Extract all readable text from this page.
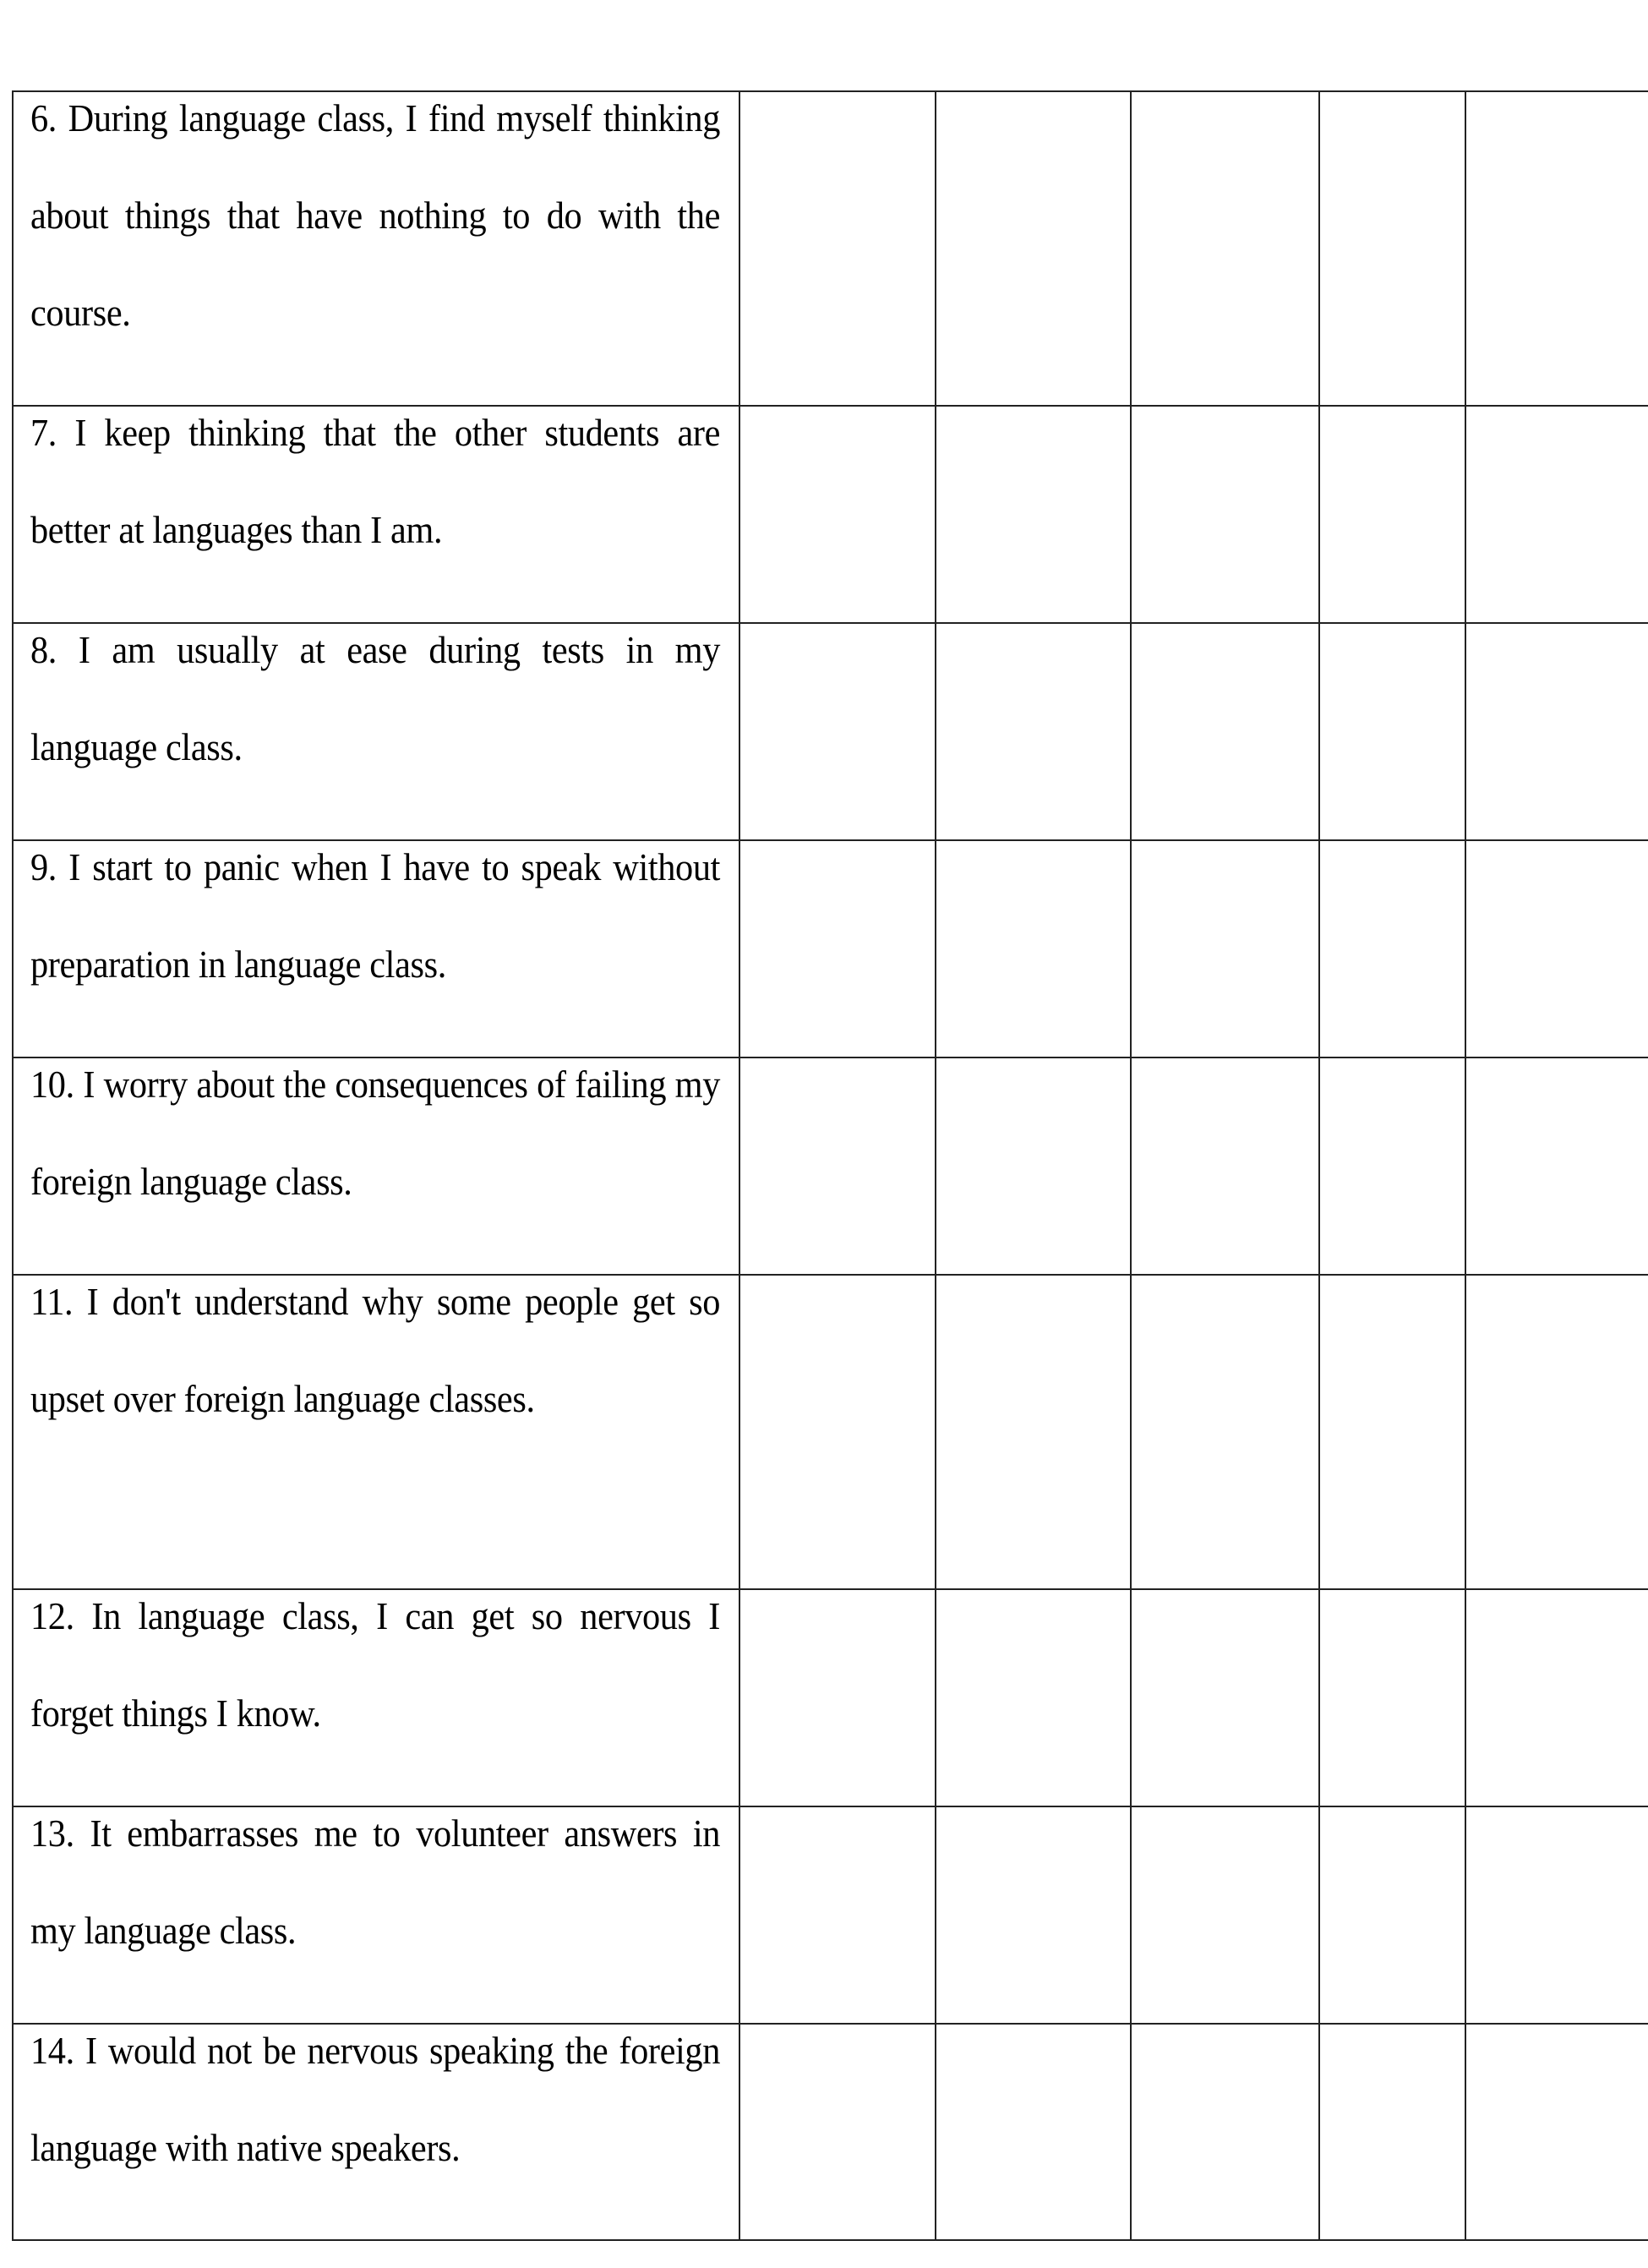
6. During language class, I find myself thinking about things that have nothing to do with the course.					

7. I keep thinking that the other students are better at languages than I am.					

8. I am usually at ease during tests in my language class.					

9. I start to panic when I have to speak without preparation in language class.					

10. I worry about the consequences of failing my foreign language class.					

11. I don't understand why some people get so upset over foreign language classes.					

12. In language class, I can get so nervous I forget things I know.					

13. It embarrasses me to volunteer answers in my language class.					

14. I would not be nervous speaking the foreign language with native speakers.					
